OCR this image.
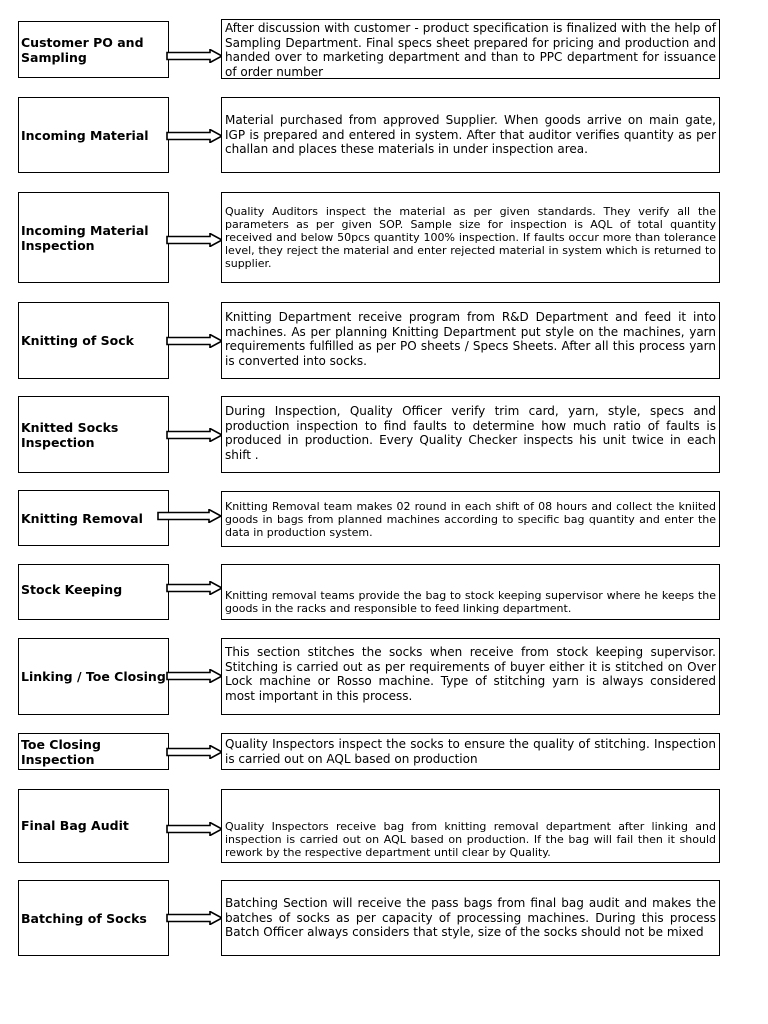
Customer PO and Sampling
After discussion with customer - product specification is finalized with the help of Sampling Department. Final specs sheet prepared for pricing and production and handed over to marketing department and than to PPC department for issuance of order number
Incoming Material
Material purchased from approved Supplier. When goods arrive on main gate, IGP is prepared and entered in system. After that auditor verifies quantity as per challan and places these materials in under inspection area.
Incoming Material Inspection
Quality Auditors inspect the material as per given standards. They verify all the parameters as per given SOP. Sample size for inspection is AQL of total quantity received and below 50pcs quantity 100% inspection. If faults occur more than tolerance level, they reject the material and enter rejected material in system which is returned to supplier.
Knitting of Sock
Knitting Department receive program from R&D Department and feed it into machines. As per planning Knitting Department put style on the machines, yarn requirements fulfilled as per PO sheets / Specs Sheets. After all this process yarn is converted into socks.
Knitted Socks Inspection
During Inspection, Quality Officer verify trim card, yarn, style, specs and production inspection to find faults to determine how much ratio of faults is produced in production. Every Quality Checker inspects his unit twice in each shift .
Knitting Removal
Knitting Removal team makes 02 round in each shift of 08 hours and collect the kniited goods in bags from planned machines according to specific bag quantity and enter the data in production system.
Stock Keeping	Knitting removal teams provide the bag to stock keeping supervisor where he keeps the goods in the racks and responsible to feed linking department.
Linking / Toe Closing
This section stitches the socks when receive from stock keeping supervisor. Stitching is carried out as per requirements of buyer either it is stitched on Over Lock machine or Rosso machine. Type of stitching yarn is always considered most important in this process.
Toe Closing Inspection
Quality Inspectors inspect the socks to ensure the quality of stitching. Inspection is carried out on AQL based on production
Final Bag Audit	Quality Inspectors receive bag from knitting removal department after linking and inspection is carried out on AQL based on production. If the bag will fail then it should rework by the respective department until clear by Quality.
Batching of Socks
Batching Section will receive the pass bags from final bag audit and makes the batches of socks as per capacity of processing machines. During this process Batch Officer always considers that style, size of the socks should not be mixed
